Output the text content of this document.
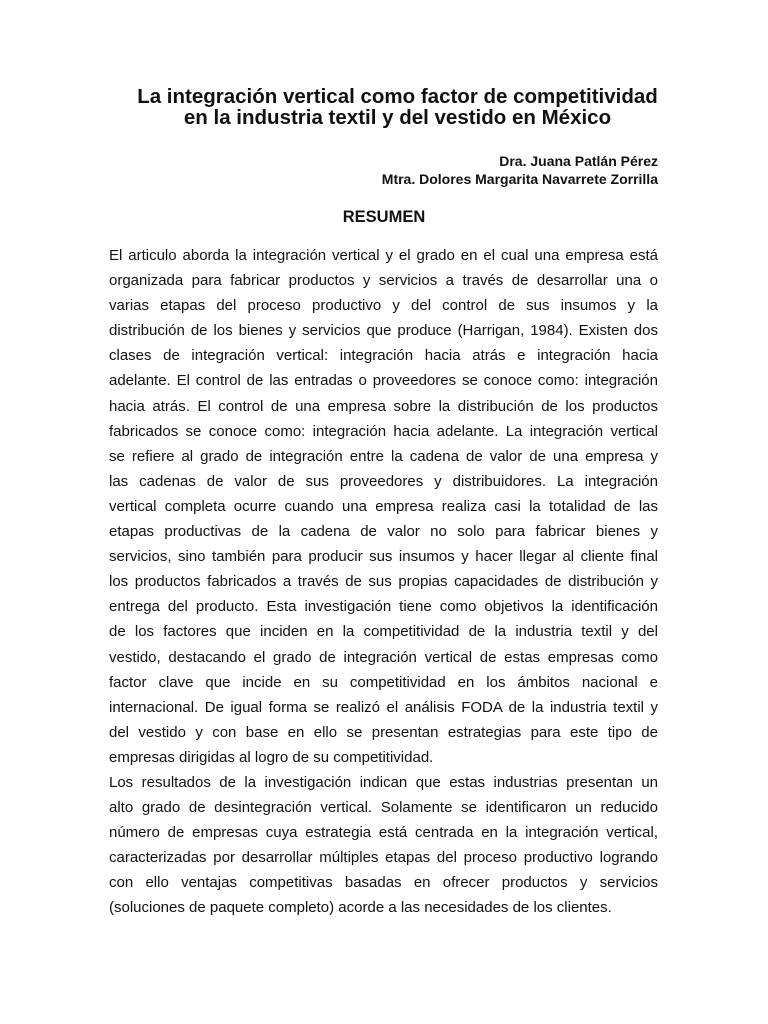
La integración vertical como factor de competitividad
en la industria textil y del vestido en México
Dra. Juana Patlán Pérez
Mtra. Dolores Margarita Navarrete Zorrilla
RESUMEN
El articulo aborda la integración vertical y el grado en el cual una empresa está
organizada para fabricar productos y servicios a través de desarrollar una o
varias etapas del proceso productivo y del control de sus insumos y la
distribución de los bienes y servicios que produce (Harrigan, 1984). Existen dos
clases de integración vertical: integración hacia atrás e integración hacia
adelante. El control de las entradas o proveedores se conoce como: integración
hacia atrás. El control de una empresa sobre la distribución de los productos
fabricados se conoce como: integración hacia adelante. La integración vertical
se refiere al grado de integración entre la cadena de valor de una empresa y
las cadenas de valor de sus proveedores y distribuidores. La integración
vertical completa ocurre cuando una empresa realiza casi la totalidad de las
etapas productivas de la cadena de valor no solo para fabricar bienes y
servicios, sino también para producir sus insumos y hacer llegar al cliente final
los productos fabricados a través de sus propias capacidades de distribución y
entrega del producto. Esta investigación tiene como objetivos la identificación
de los factores que inciden en la competitividad de la industria textil y del
vestido, destacando el grado de integración vertical de estas empresas como
factor clave que incide en su competitividad en los ámbitos nacional e
internacional. De igual forma se realizó el análisis FODA de la industria textil y
del vestido y con base en ello se presentan estrategias para este tipo de
empresas dirigidas al logro de su competitividad.
Los resultados de la investigación indican que estas industrias presentan un
alto grado de desintegración vertical. Solamente se identificaron un reducido
número de empresas cuya estrategia está centrada en la integración vertical,
caracterizadas por desarrollar múltiples etapas del proceso productivo logrando
con ello ventajas competitivas basadas en ofrecer productos y servicios
(soluciones de paquete completo) acorde a las necesidades de los clientes.
